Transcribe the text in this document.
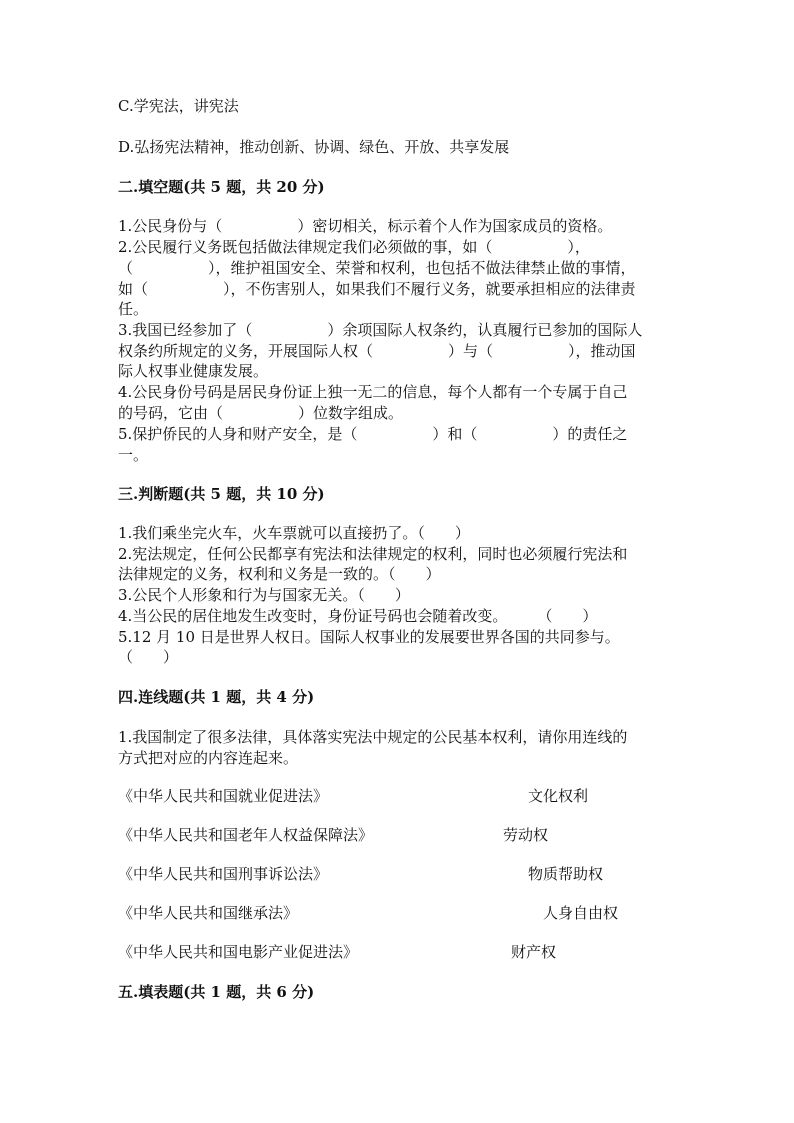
C.学宪法，讲宪法
D.弘扬宪法精神，推动创新、协调、绿色、开放、共享发展
二.填空题(共 5 题，共 20 分)
1.公民身份与（　　　　　）密切相关，标示着个人作为国家成员的资格。
2.公民履行义务既包括做法律规定我们必须做的事，如（　　　　　），
（　　　　　），维护祖国安全、荣誉和权利，也包括不做法律禁止做的事情，
如（　　　　　），不伤害别人，如果我们不履行义务，就要承担相应的法律责
任。
3.我国已经参加了（　　　　　）余项国际人权条约，认真履行已参加的国际人
权条约所规定的义务，开展国际人权（　　　　　）与（　　　　　），推动国
际人权事业健康发展。
4.公民身份号码是居民身份证上独一无二的信息，每个人都有一个专属于自己
的号码，它由（　　　　　）位数字组成。
5.保护侨民的人身和财产安全，是（　　　　　）和（　　　　　）的责任之
一。
三.判断题(共 5 题，共 10 分)
1.我们乘坐完火车，火车票就可以直接扔了。（　　）
2.宪法规定，任何公民都享有宪法和法律规定的权利，同时也必须履行宪法和
法律规定的义务，权利和义务是一致的。（　　）
3.公民个人形象和行为与国家无关。（　　）
4.当公民的居住地发生改变时，身份证号码也会随着改变。　　　（　　）
5.12 月 10 日是世界人权日。国际人权事业的发展要世界各国的共同参与。
（　　）
四.连线题(共 1 题，共 4 分)
1.我国制定了很多法律，具体落实宪法中规定的公民基本权利，请你用连线的
方式把对应的内容连起来。
《中华人民共和国就业促进法》	文化权利
《中华人民共和国老年人权益保障法》	劳动权
《中华人民共和国刑事诉讼法》	物质帮助权
《中华人民共和国继承法》	人身自由权
《中华人民共和国电影产业促进法》	财产权
五.填表题(共 1 题，共 6 分)
